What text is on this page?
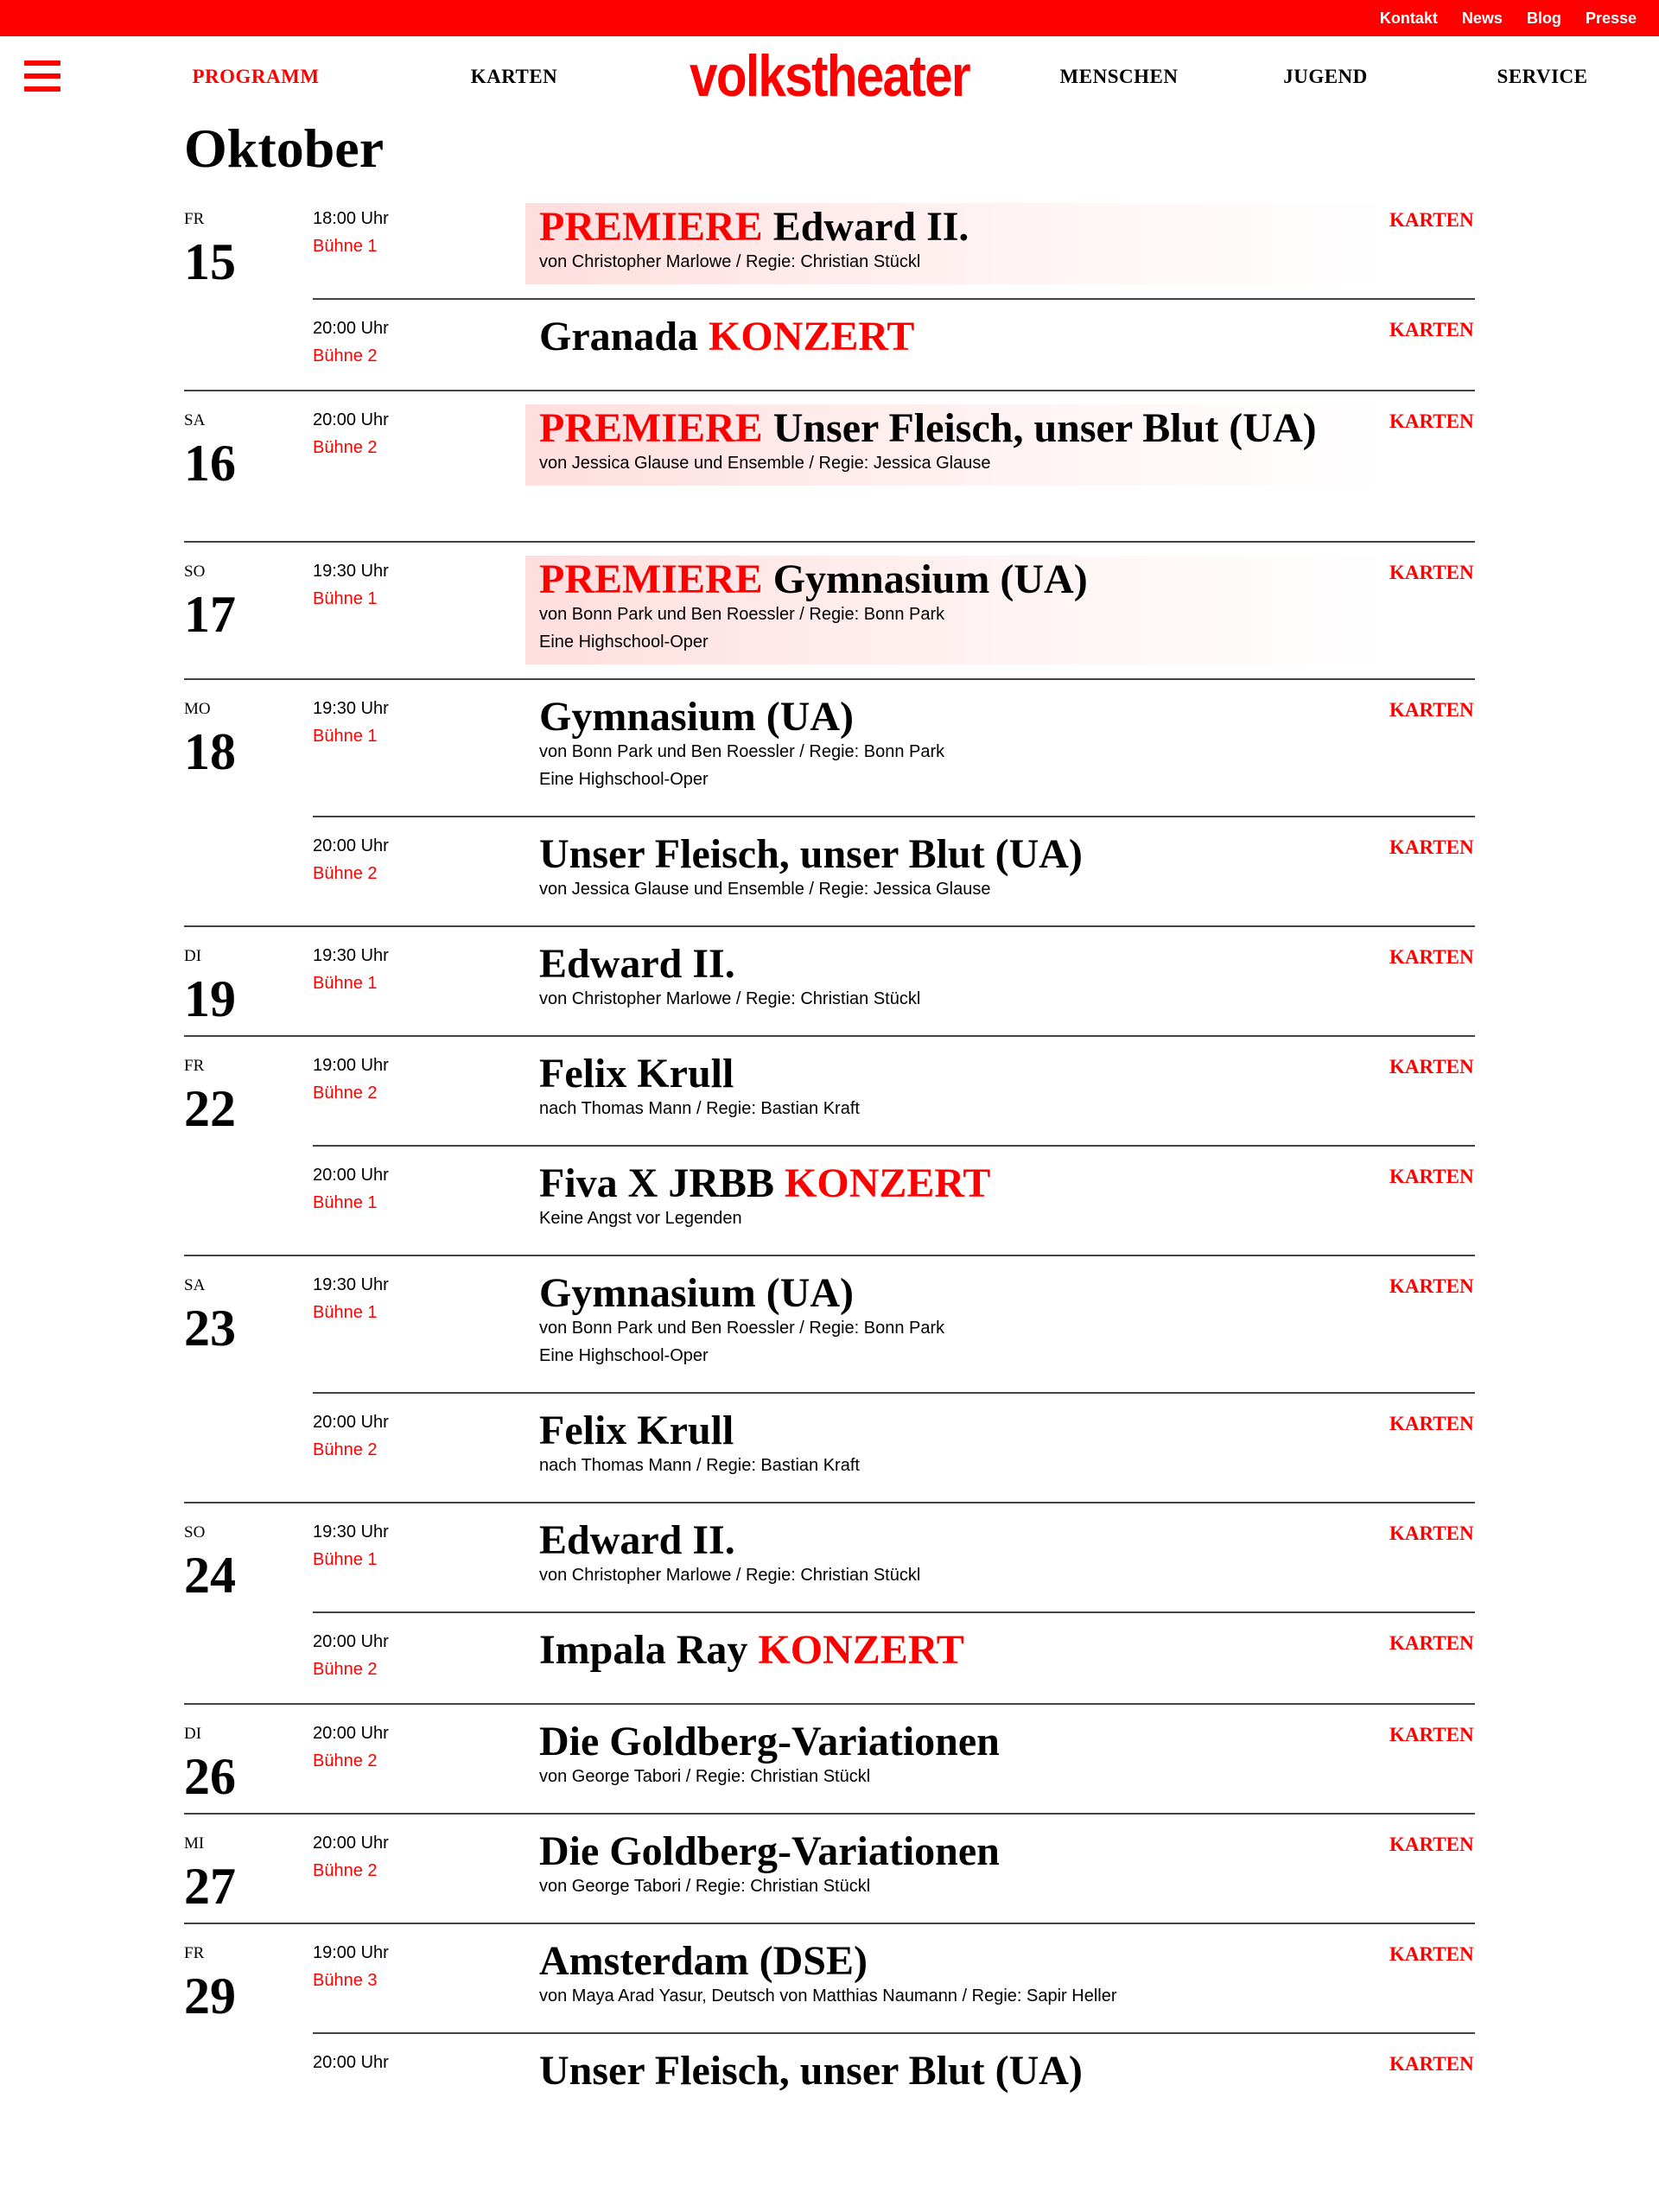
Kontakt News Blog Presse
PROGRAMM	KARTEN volkstheater	MENSCHEN	JUGEND	SERVICE
Oktober
FR
15
18:00 Uhr
Bühne 1	PREMIERE Edward II.
von Christopher Marlowe / Regie: Christian Stückl
KARTEN
20:00 Uhr
Bühne 2	Granada KONZERT	KARTEN
SA
16
20:00 Uhr
Bühne 2	PREMIERE Unser Fleisch, unser Blut (UA)
von Jessica Glause und Ensemble / Regie: Jessica Glause
KARTEN
SO
17
19:30 Uhr
Bühne 1	PREMIERE Gymnasium (UA)
von Bonn Park und Ben Roessler / Regie: Bonn Park
Eine Highschool-Oper
KARTEN
MO
18
19:30 Uhr
Bühne 1	Gymnasium (UA)
von Bonn Park und Ben Roessler / Regie: Bonn Park
Eine Highschool-Oper
KARTEN
20:00 Uhr
Bühne 2	Unser Fleisch, unser Blut (UA)
von Jessica Glause und Ensemble / Regie: Jessica Glause
KARTEN
DI
19
19:30 Uhr
Bühne 1	Edward II.
von Christopher Marlowe / Regie: Christian Stückl
KARTEN
FR
22
19:00 Uhr
Bühne 2	Felix Krull
nach Thomas Mann / Regie: Bastian Kraft
KARTEN
20:00 Uhr
Bühne 1	Fiva X JRBB KONZERT
Keine Angst vor Legenden
KARTEN
SA
23
19:30 Uhr
Bühne 1	Gymnasium (UA)
von Bonn Park und Ben Roessler / Regie: Bonn Park
Eine Highschool-Oper
KARTEN
20:00 Uhr
Bühne 2	Felix Krull
nach Thomas Mann / Regie: Bastian Kraft
KARTEN
SO
24
19:30 Uhr
Bühne 1	Edward II.
von Christopher Marlowe / Regie: Christian Stückl
KARTEN
20:00 Uhr
Bühne 2	Impala Ray KONZERT	KARTEN
DI
26
20:00 Uhr
Bühne 2	Die Goldberg-Variationen
von George Tabori / Regie: Christian Stückl
KARTEN
MI
27
20:00 Uhr
Bühne 2	Die Goldberg-Variationen
von George Tabori / Regie: Christian Stückl
KARTEN
FR
29
19:00 Uhr
Bühne 3	Amsterdam (DSE)
von Maya Arad Yasur, Deutsch von Matthias Naumann / Regie: Sapir Heller
KARTEN
20:00 Uhr	Unser Fleisch, unser Blut (UA)	KARTEN
